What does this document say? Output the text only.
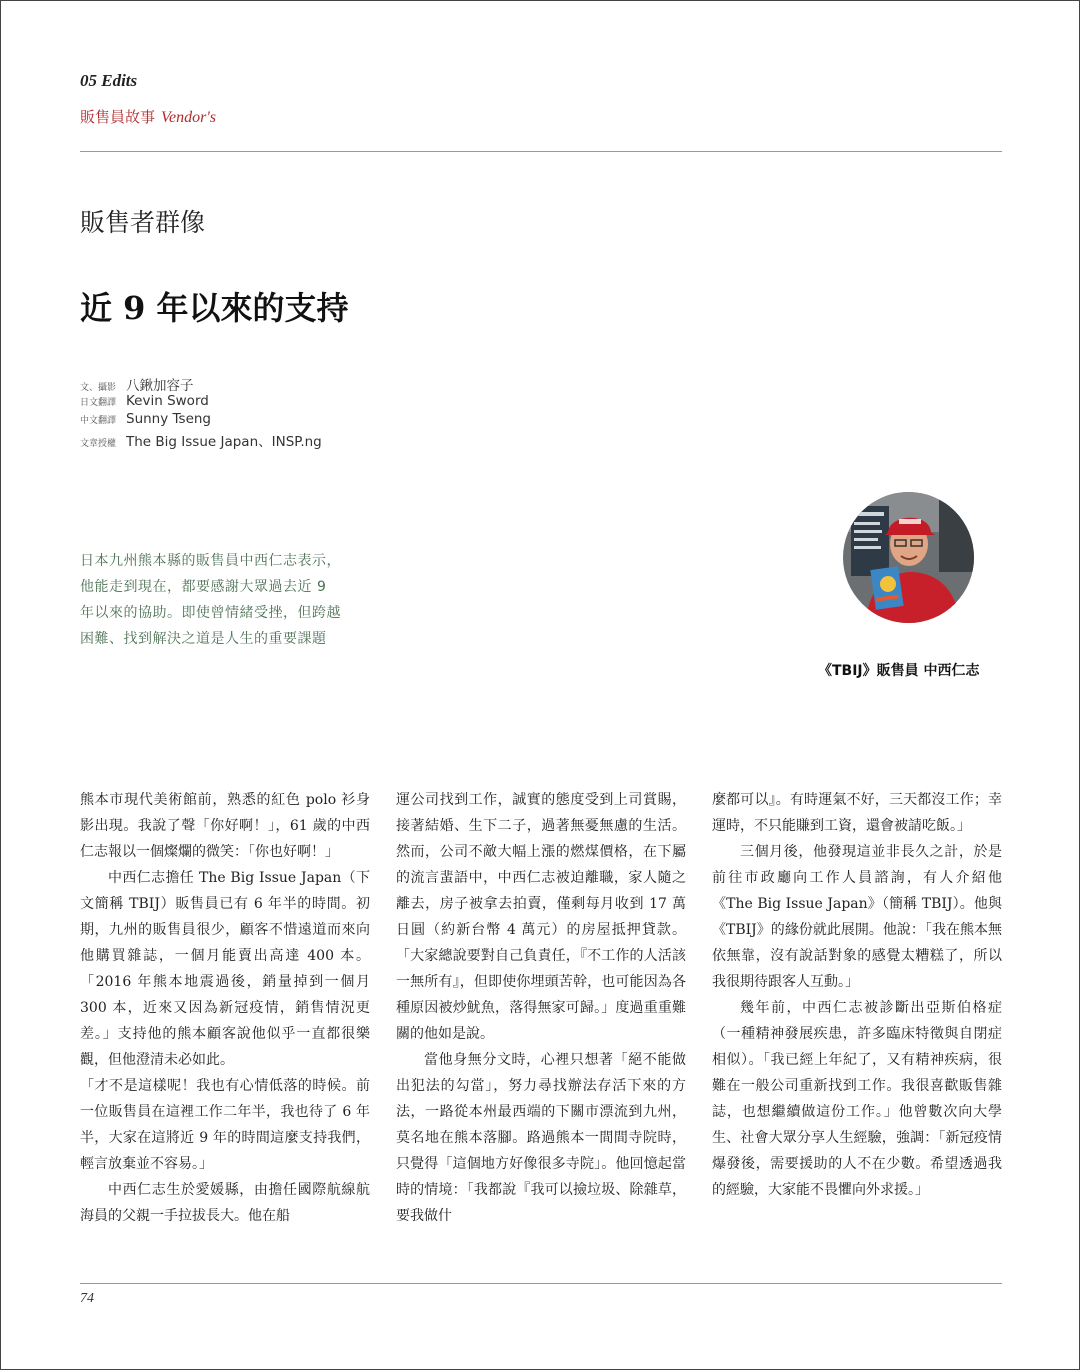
05 Edits
販售員故事 Vendor's
販售者群像
近 9 年以來的支持
文、攝影 八鍬加容子
日文翻譯 Kevin Sword
中文翻譯 Sunny Tseng
文章授權 The Big Issue Japan、INSP.ng
日本九州熊本縣的販售員中西仁志表示，他能走到現在，都要感謝大眾過去近 9 年以來的協助。即使曾情緒受挫，但跨越困難、找到解決之道是人生的重要課題
《TBIJ》販售員 中西仁志

熊本市現代美術館前，熟悉的紅色 polo 衫身影出現。我說了聲「你好啊！」，61 歲的中西仁志報以一個燦爛的微笑：「你也好啊！」

中西仁志擔任 The Big Issue Japan（下文簡稱 TBIJ）販售員已有 6 年半的時間。初期，九州的販售員很少，顧客不惜遠道而來向他購買雜誌，一個月能賣出高達 400 本。「2016 年熊本地震過後，銷量掉到一個月 300 本，近來又因為新冠疫情，銷售情況更差。」支持他的熊本顧客說他似乎一直都很樂觀，但他澄清未必如此。

「才不是這樣呢！我也有心情低落的時候。前一位販售員在這裡工作二年半，我也待了 6 年半，大家在這將近 9 年的時間這麼支持我們，輕言放棄並不容易。」

中西仁志生於愛媛縣，由擔任國際航線航海員的父親一手拉拔長大。他在船

運公司找到工作，誠實的態度受到上司賞賜，接著結婚、生下二子，過著無憂無慮的生活。然而，公司不敵大幅上漲的燃煤價格，在下屬的流言蜚語中，中西仁志被迫離職，家人隨之離去，房子被拿去拍賣，僅剩每月收到 17 萬日圓（約新台幣 4 萬元）的房屋抵押貸款。「大家總說要對自己負責任，『不工作的人活該一無所有』，但即使你埋頭苦幹，也可能因為各種原因被炒魷魚，落得無家可歸。」度過重重難關的他如是說。

當他身無分文時，心裡只想著「絕不能做出犯法的勾當」，努力尋找辦法存活下來的方法，一路從本州最西端的下關市漂流到九州，莫名地在熊本落腳。路過熊本一間間寺院時，只覺得「這個地方好像很多寺院」。他回憶起當時的情境：「我都說『我可以撿垃圾、除雜草，要我做什

麼都可以』。有時運氣不好，三天都沒工作；幸運時，不只能賺到工資，還會被請吃飯。」

三個月後，他發現這並非長久之計，於是前往市政廳向工作人員諮詢，有人介紹他《The Big Issue Japan》（簡稱 TBIJ）。他與《TBIJ》的緣份就此展開。他說：「我在熊本無依無靠，沒有說話對象的感覺太糟糕了，所以我很期待跟客人互動。」

幾年前，中西仁志被診斷出亞斯伯格症（一種精神發展疾患，許多臨床特徵與自閉症相似）。「我已經上年紀了，又有精神疾病，很難在一般公司重新找到工作。我很喜歡販售雜誌，也想繼續做這份工作。」他曾數次向大學生、社會大眾分享人生經驗，強調：「新冠疫情爆發後，需要援助的人不在少數。希望透過我的經驗，大家能不畏懼向外求援。」

74
